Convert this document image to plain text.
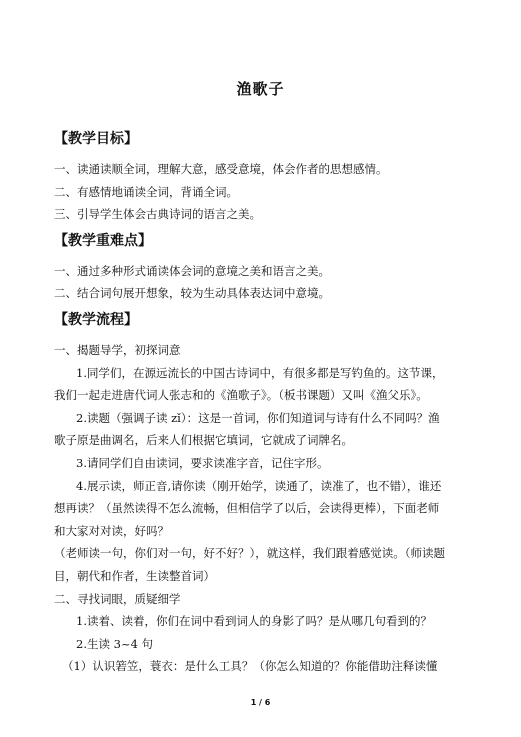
渔歌子

【教学目标】

一、读通读顺全词，理解大意，感受意境，体会作者的思想感情。

二、有感情地诵读全词，背诵全词。

三、引导学生体会古典诗词的语言之美。

【教学重难点】

一、通过多种形式诵读体会词的意境之美和语言之美。

二、结合词句展开想象，较为生动具体表达词中意境。

【教学流程】

一、揭题导学，初探词意

1.同学们，在源远流长的中国古诗词中，有很多都是写钓鱼的。这节课，

我们一起走进唐代词人张志和的《渔歌子》。（板书课题）又叫《渔父乐》。

2.读题（强调子读 zǐ）：这是一首词，你们知道词与诗有什么不同吗？渔

歌子原是曲调名，后来人们根据它填词，它就成了词牌名。

3.请同学们自由读词，要求读准字音，记住字形。

4.展示读，师正音,请你读（刚开始学，读通了，读准了，也不错），谁还

想再读？（虽然读得不怎么流畅，但相信学了以后，会读得更棒），下面老师

和大家对对读，好吗？

（老师读一句，你们对一句，好不好？），就这样，我们跟着感觉读。（师读题

目，朝代和作者，生读整首词）

二、寻找词眼，质疑细学

1.读着、读着，你们在词中看到词人的身影了吗？是从哪几句看到的？

2.生读 3~4 句

（1）认识箬笠，蓑衣：是什么工具？（你怎么知道的？你能借助注释读懂

1 / 6
